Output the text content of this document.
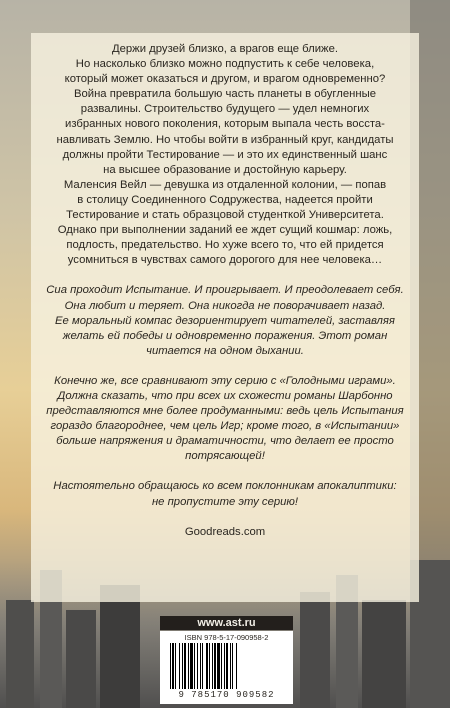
Держи друзей близко, а врагов еще ближе.

Но насколько близко можно подпустить к себе человека,

который может оказаться и другом, и врагом одновременно?

Война превратила большую часть планеты в обугленные

развалины. Строительство будущего — удел немногих

избранных нового поколения, которым выпала честь восста-

навливать Землю. Но чтобы войти в избранный круг, кандидаты

должны пройти Тестирование — и это их единственный шанс

на высшее образование и достойную карьеру.

Маленсия Вейл — девушка из отдаленной колонии, — попав

в столицу Соединенного Содружества, надеется пройти

Тестирование и стать образцовой студенткой Университета.

Однако при выполнении заданий ее ждет сущий кошмар: ложь,

подлость, предательство. Но хуже всего то, что ей придется

усомниться в чувствах самого дорогого для нее человека…

Сиа проходит Испытание. И проигрывает. И преодолевает себя.

Она любит и теряет. Она никогда не поворачивает назад.

Ее моральный компас дезориентирует читателей, заставляя

желать ей победы и одновременно поражения. Этот роман

читается на одном дыхании.

Конечно же, все сравнивают эту серию с «Голодными играми».

Должна сказать, что при всех их схожести романы Шарбонно

представляются мне более продуманными: ведь цель Испытания

гораздо благороднее, чем цель Игр; кроме того, в «Испытании»

больше напряжения и драматичности, что делает ее просто

потрясающей!

Настоятельно обращаюсь ко всем поклонникам апокалиптики:

не пропустите эту серию!

Goodreads.com

www.ast.ru
ISBN 978-5-17-090958-2
9 785170 909582
